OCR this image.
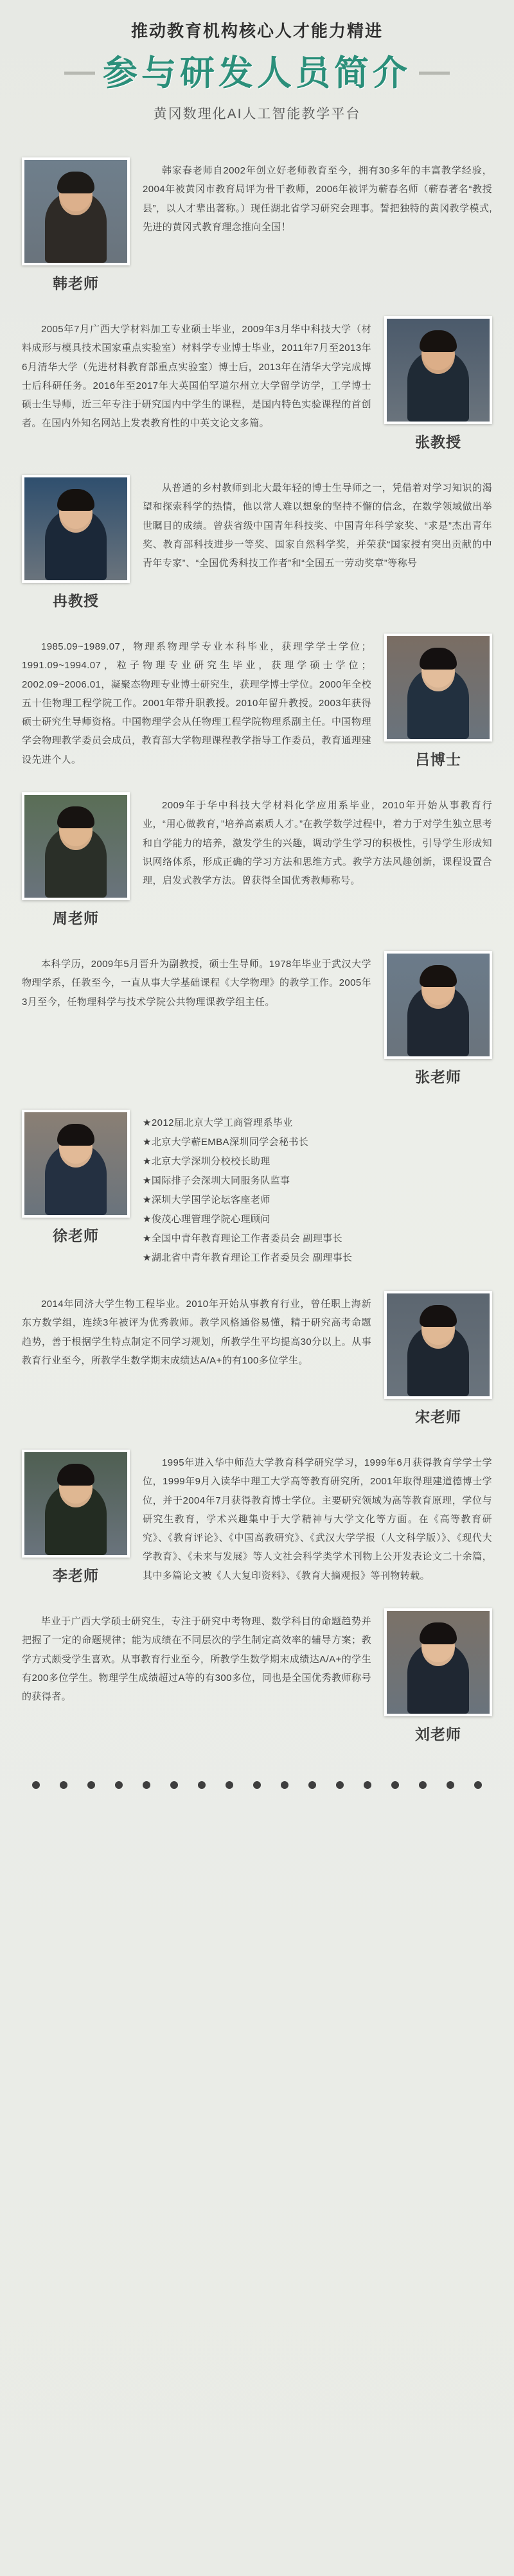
推动教育机构核心人才能力精进
参与研发人员简介
黄冈数理化AI人工智能教学平台
韩老师
韩家春老师自2002年创立好老师教育至今，拥有30多年的丰富教学经验，2004年被黄冈市教育局评为骨干教师，2006年被评为蕲春名师（蕲春著名“教授县”，以人才辈出著称。）现任湖北省学习研究会理事。誓把独特的黄冈教学模式,先进的黄冈式教育理念推向全国！
张教授
2005年7月广西大学材料加工专业硕士毕业，2009年3月华中科技大学（材料成形与模具技术国家重点实验室）材料学专业博士毕业，2011年7月至2013年6月清华大学（先进材料教育部重点实验室）博士后，2013年在清华大学完成博士后科研任务。2016年至2017年大英国伯罕道尔州立大学留学访学，工学博士硕士生导师，近三年专注于研究国内中学生的课程，是国内特色实验课程的首创者。在国内外知名网站上发表教育性的中英文论文多篇。
冉教授
从普通的乡村教师到北大最年轻的博士生导师之一，凭借着对学习知识的渴望和探索科学的热情，他以常人难以想象的坚持不懈的信念，在数学领域做出举世瞩目的成绩。曾获省级中国青年科技奖、中国青年科学家奖、“求是”杰出青年奖、教育部科技进步一等奖、国家自然科学奖，并荣获“国家授有突出贡献的中青年专家”、“全国优秀科技工作者”和“全国五一劳动奖章”等称号
吕博士
1985.09~1989.07，物理系物理学专业本科毕业，获理学学士学位；1991.09~1994.07，粒子物理专业研究生毕业，获理学硕士学位；2002.09~2006.01，凝聚态物理专业博士研究生，获理学博士学位。2000年全校五十佳物理工程学院工作。2001年带升职教授。2010年留升教授。2003年获得硕士研究生导师资格。中国物理学会从任物理工程学院物理系副主任。中国物理学会物理教学委员会成员，教育部大学物理课程教学指导工作委员，教育通理建设先进个人。
周老师
2009年于华中科技大学材料化学应用系毕业，2010年开始从事教育行业，“用心做教育，”培养高素质人才。”在教学数学过程中，着力于对学生独立思考和自学能力的培养，激发学生的兴趣，调动学生学习的积极性，引导学生形成知识网络体系，形成正确的学习方法和思维方式。教学方法风趣创新，课程设置合理，启发式教学方法。曾获得全国优秀教师称号。
张老师
本科学历，2009年5月晋升为副教授，硕士生导师。1978年毕业于武汉大学物理学系，任教至今，一直从事大学基础课程《大学物理》的教学工作。2005年3月至今，任物理科学与技术学院公共物理课教学组主任。
徐老师
★2012届北京大学工商管理系毕业
★北京大学蕲EMBA深圳同学会秘书长
★北京大学深圳分校校长助理
★国际排子会深圳大同服务队监事
★深圳大学国学论坛客座老师
★俊茂心理管理学院心理顾问
★全国中青年教育理论工作者委员会 副理事长
★湖北省中青年教育理论工作者委员会 副理事长
宋老师
2014年同济大学生物工程毕业。2010年开始从事教育行业，曾任职上海新东方数学组，连续3年被评为优秀教师。教学风格通俗易懂，精于研究高考命题趋势，善于根据学生特点制定不同学习规划，所教学生平均提高30分以上。从事教育行业至今，所教学生数学期末成绩达A/A+的有100多位学生。
李老师
1995年进入华中师范大学教育科学研究学习，1999年6月获得教育学学士学位，1999年9月入读华中理工大学高等教育研究所，2001年取得理建道德博士学位，并于2004年7月获得教育博士学位。主要研究领域为高等教育原理，学位与研究生教育，学术兴趣集中于大学精神与大学文化等方面。在《高等教育研究》、《教育评论》、《中国高教研究》、《武汉大学学报（人文科学版）》、《现代大学教育》、《未来与发展》等人文社会科学类学术刊物上公开发表论文二十余篇，其中多篇论文被《人大复印资料》、《教育大摘观报》等刊物转载。
刘老师
毕业于广西大学硕士研究生，专注于研究中考物理、数学科目的命题趋势并把握了一定的命题规律；能为成绩在不同层次的学生制定高效率的辅导方案；教学方式颇受学生喜欢。从事教育行业至今，所教学生数学期末成绩达A/A+的学生有200多位学生。物理学生成绩超过A等的有300多位，同也是全国优秀教师称号的获得者。
